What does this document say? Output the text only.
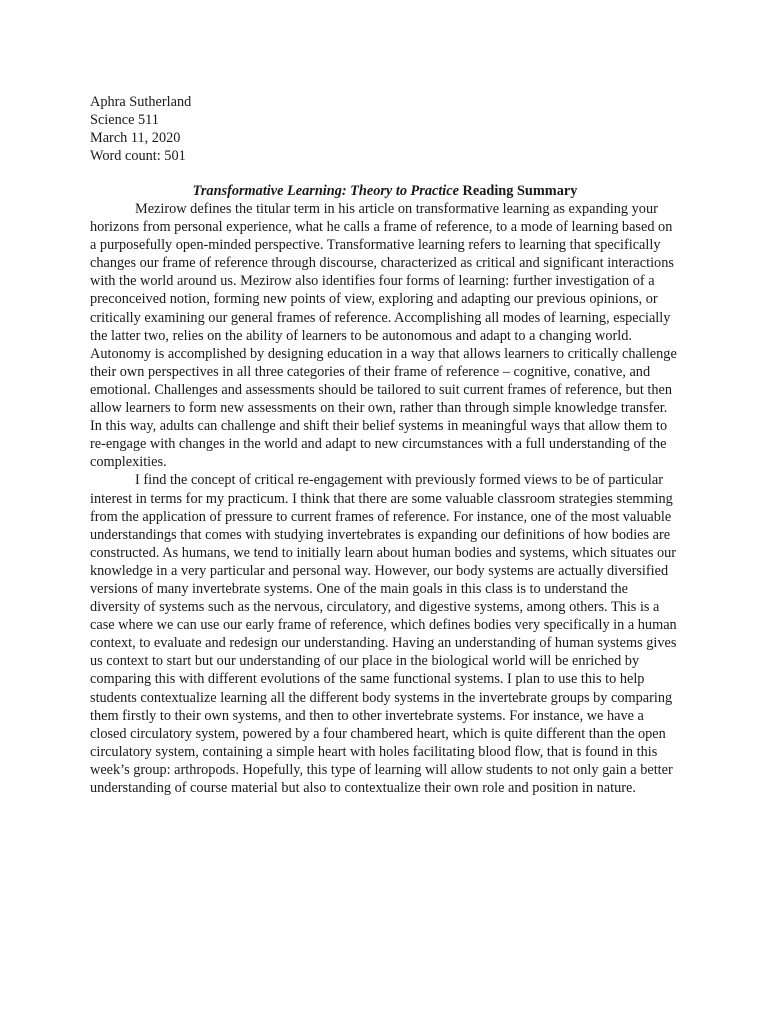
Aphra Sutherland
Science 511
March 11, 2020
Word count: 501
Transformative Learning: Theory to Practice Reading Summary

Mezirow defines the titular term in his article on transformative learning as expanding your horizons from personal experience, what he calls a frame of reference, to a mode of learning based on a purposefully open-minded perspective. Transformative learning refers to learning that specifically changes our frame of reference through discourse, characterized as critical and significant interactions with the world around us. Mezirow also identifies four forms of learning: further investigation of a preconceived notion, forming new points of view, exploring and adapting our previous opinions, or critically examining our general frames of reference. Accomplishing all modes of learning, especially the latter two, relies on the ability of learners to be autonomous and adapt to a changing world. Autonomy is accomplished by designing education in a way that allows learners to critically challenge their own perspectives in all three categories of their frame of reference – cognitive, conative, and emotional. Challenges and assessments should be tailored to suit current frames of reference, but then allow learners to form new assessments on their own, rather than through simple knowledge transfer. In this way, adults can challenge and shift their belief systems in meaningful ways that allow them to re-engage with changes in the world and adapt to new circumstances with a full understanding of the complexities.

I find the concept of critical re-engagement with previously formed views to be of particular interest in terms for my practicum. I think that there are some valuable classroom strategies stemming from the application of pressure to current frames of reference. For instance, one of the most valuable understandings that comes with studying invertebrates is expanding our definitions of how bodies are constructed. As humans, we tend to initially learn about human bodies and systems, which situates our knowledge in a very particular and personal way. However, our body systems are actually diversified versions of many invertebrate systems. One of the main goals in this class is to understand the diversity of systems such as the nervous, circulatory, and digestive systems, among others. This is a case where we can use our early frame of reference, which defines bodies very specifically in a human context, to evaluate and redesign our understanding. Having an understanding of human systems gives us context to start but our understanding of our place in the biological world will be enriched by comparing this with different evolutions of the same functional systems. I plan to use this to help students contextualize learning all the different body systems in the invertebrate groups by comparing them firstly to their own systems, and then to other invertebrate systems. For instance, we have a closed circulatory system, powered by a four chambered heart, which is quite different than the open circulatory system, containing a simple heart with holes facilitating blood flow, that is found in this week’s group: arthropods. Hopefully, this type of learning will allow students to not only gain a better understanding of course material but also to contextualize their own role and position in nature.
